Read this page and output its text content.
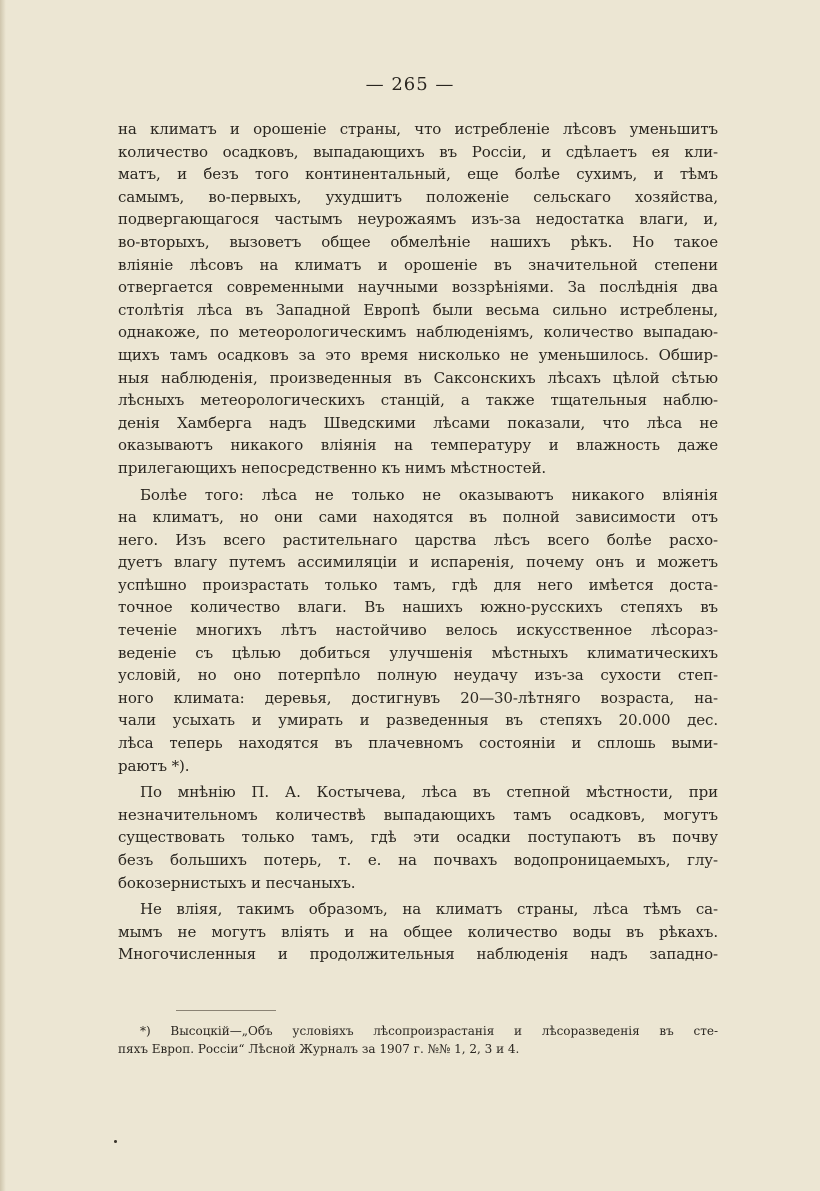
— 265 —
на климатъ и орошеніе страны, что истребленіе лѣсовъ уменьшитъ
количество осадковъ, выпадающихъ въ Россіи, и сдѣлаетъ ея кли-
матъ, и безъ того континентальный, еще болѣе сухимъ, и тѣмъ
самымъ, во-первыхъ, ухудшитъ положеніе сельскаго хозяйства,
подвергающагося частымъ неурожаямъ изъ-за недостатка влаги, и,
во-вторыхъ, вызоветъ общее обмелѣніе нашихъ рѣкъ. Но такое
вліяніе лѣсовъ на климатъ и орошеніе въ значительной степени
отвергается современными научными воззрѣніями. За послѣднія два
столѣтія лѣса въ Западной Европѣ были весьма сильно истреблены,
однакоже, по метеорологическимъ наблюденіямъ, количество выпадаю-
щихъ тамъ осадковъ за это время нисколько не уменьшилось. Обшир-
ныя наблюденія, произведенныя въ Саксонскихъ лѣсахъ цѣлой сѣтью
лѣсныхъ метеорологическихъ станцій, а также тщательныя наблю-
денія Хамберга надъ Шведскими лѣсами показали, что лѣса не
оказываютъ никакого вліянія на температуру и влажность даже
прилегающихъ непосредственно къ нимъ мѣстностей.
Болѣе того: лѣса не только не оказываютъ никакого вліянія
на климатъ, но они сами находятся въ полной зависимости отъ
него. Изъ всего растительнаго царства лѣсъ всего болѣе расхо-
дуетъ влагу путемъ ассимиляціи и испаренія, почему онъ и можетъ
успѣшно произрастать только тамъ, гдѣ для него имѣется доста-
точное количество влаги. Въ нашихъ южно-русскихъ степяхъ въ
теченіе многихъ лѣтъ настойчиво велось искусственное лѣсораз-
веденіе съ цѣлью добиться улучшенія мѣстныхъ климатическихъ
условій, но оно потерпѣло полную неудачу изъ-за сухости степ-
ного климата: деревья, достигнувъ 20—30-лѣтняго возраста, на-
чали усыхать и умирать и разведенныя въ степяхъ 20.000 дес.
лѣса теперь находятся въ плачевномъ состояніи и сплошь выми-
раютъ *).
По мнѣнію П. А. Костычева, лѣса въ степной мѣстности, при
незначительномъ количествѣ выпадающихъ тамъ осадковъ, могутъ
существовать только тамъ, гдѣ эти осадки поступаютъ въ почву
безъ большихъ потерь, т. е. на почвахъ водопроницаемыхъ, глу-
бокозернистыхъ и песчаныхъ.
Не вліяя, такимъ образомъ, на климатъ страны, лѣса тѣмъ са-
мымъ не могутъ вліять и на общее количество воды въ рѣкахъ.
Многочисленныя и продолжительныя наблюденія надъ западно-
*) Высоцкій—„Объ условіяхъ лѣсопроизрастанія и лѣсоразведенія въ сте-
пяхъ Европ. Россіи“ Лѣсной Журналъ за 1907 г. №№ 1, 2, 3 и 4.
